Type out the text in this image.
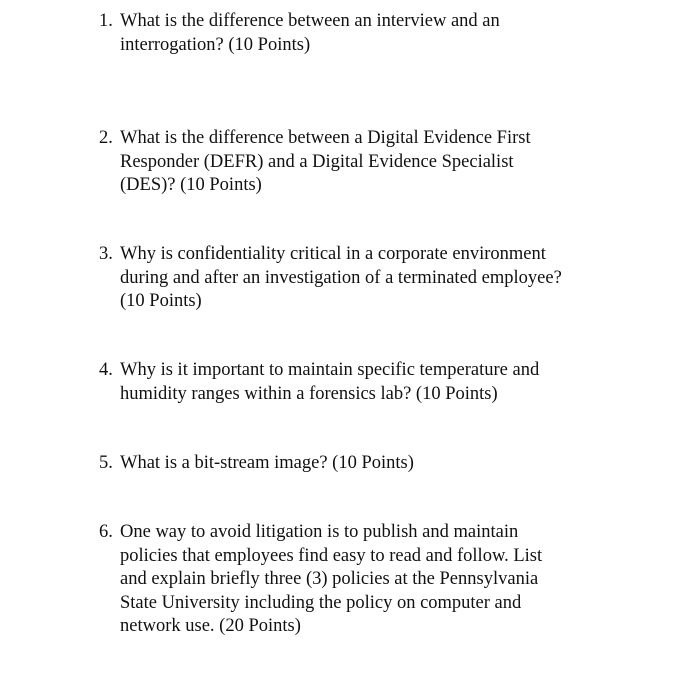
1. What is the difference between an interview and an
interrogation? (10 Points)
2. What is the difference between a Digital Evidence First
Responder (DEFR) and a Digital Evidence Specialist
(DES)? (10 Points)
3. Why is confidentiality critical in a corporate environment
during and after an investigation of a terminated employee?
(10 Points)
4. Why is it important to maintain specific temperature and
humidity ranges within a forensics lab? (10 Points)
5. What is a bit-stream image? (10 Points)
6. One way to avoid litigation is to publish and maintain
policies that employees find easy to read and follow. List
and explain briefly three (3) policies at the Pennsylvania
State University including the policy on computer and
network use. (20 Points)
